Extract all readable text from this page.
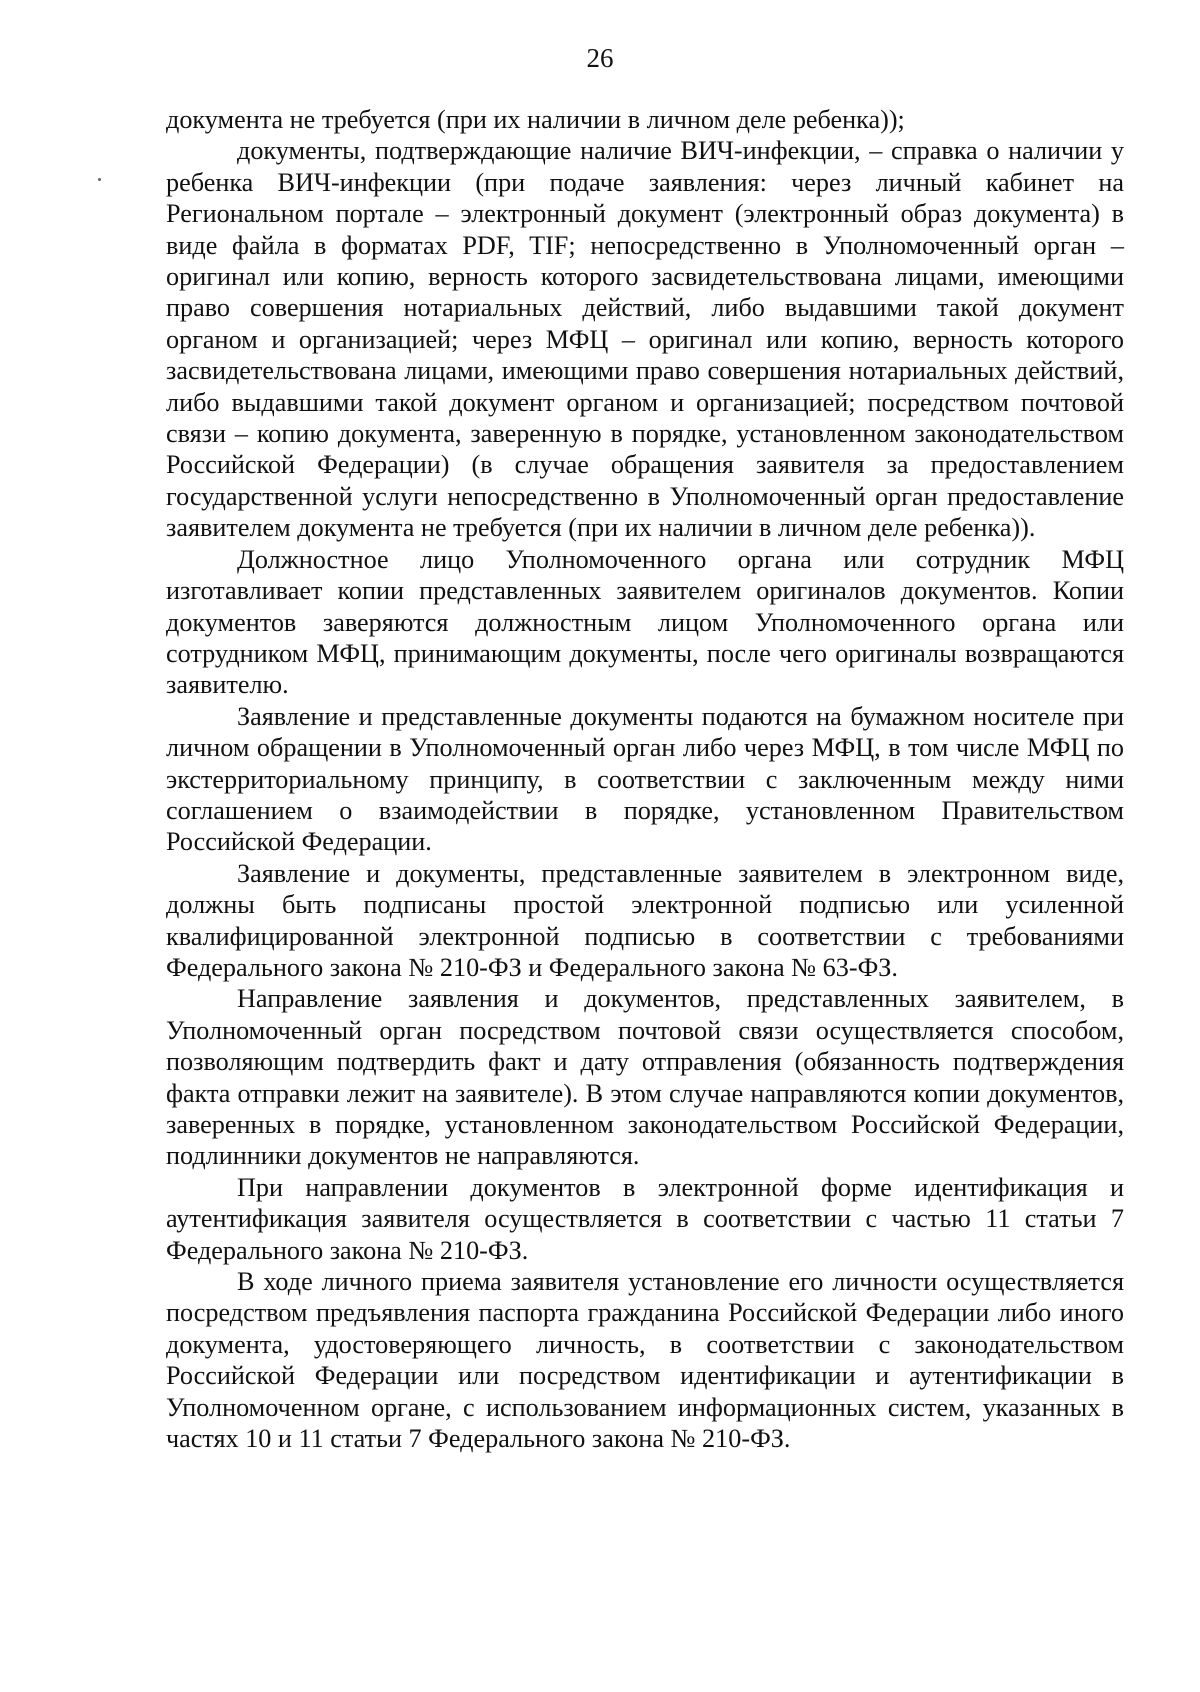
26

документа не требуется (при их наличии в личном деле ребенка));

документы, подтверждающие наличие ВИЧ-инфекции, – справка о наличии у ребенка ВИЧ-инфекции (при подаче заявления: через личный кабинет на Региональном портале – электронный документ (электронный образ документа) в виде файла в форматах PDF, TIF; непосредственно в Уполномоченный орган – оригинал или копию, верность которого засвидетельствована лицами, имеющими право совершения нотариальных действий, либо выдавшими такой документ органом и организацией; через МФЦ – оригинал или копию, верность которого засвидетельствована лицами, имеющими право совершения нотариальных действий, либо выдавшими такой документ органом и организацией; посредством почтовой связи – копию документа, заверенную в порядке, установленном законодательством Российской Федерации) (в случае обращения заявителя за предоставлением государственной услуги непосредственно в Уполномоченный орган предоставление заявителем документа не требуется (при их наличии в личном деле ребенка)).

Должностное лицо Уполномоченного органа или сотрудник МФЦ изготавливает копии представленных заявителем оригиналов документов. Копии документов заверяются должностным лицом Уполномоченного органа или сотрудником МФЦ, принимающим документы, после чего оригиналы возвращаются заявителю.

Заявление и представленные документы подаются на бумажном носителе при личном обращении в Уполномоченный орган либо через МФЦ, в том числе МФЦ по экстерриториальному принципу, в соответствии с заключенным между ними соглашением о взаимодействии в порядке, установленном Правительством Российской Федерации.

Заявление и документы, представленные заявителем в электронном виде, должны быть подписаны простой электронной подписью или усиленной квалифицированной электронной подписью в соответствии с требованиями Федерального закона № 210-ФЗ и Федерального закона № 63-ФЗ.

Направление заявления и документов, представленных заявителем, в Уполномоченный орган посредством почтовой связи осуществляется способом, позволяющим подтвердить факт и дату отправления (обязанность подтверждения факта отправки лежит на заявителе). В этом случае направляются копии документов, заверенных в порядке, установленном законодательством Российской Федерации, подлинники документов не направляются.

При направлении документов в электронной форме идентификация и аутентификация заявителя осуществляется в соответствии с частью 11 статьи 7 Федерального закона № 210-ФЗ.

В ходе личного приема заявителя установление его личности осуществляется посредством предъявления паспорта гражданина Российской Федерации либо иного документа, удостоверяющего личность, в соответствии с законодательством Российской Федерации или посредством идентификации и аутентификации в Уполномоченном органе, с использованием информационных систем, указанных в частях 10 и 11 статьи 7 Федерального закона № 210-ФЗ.
